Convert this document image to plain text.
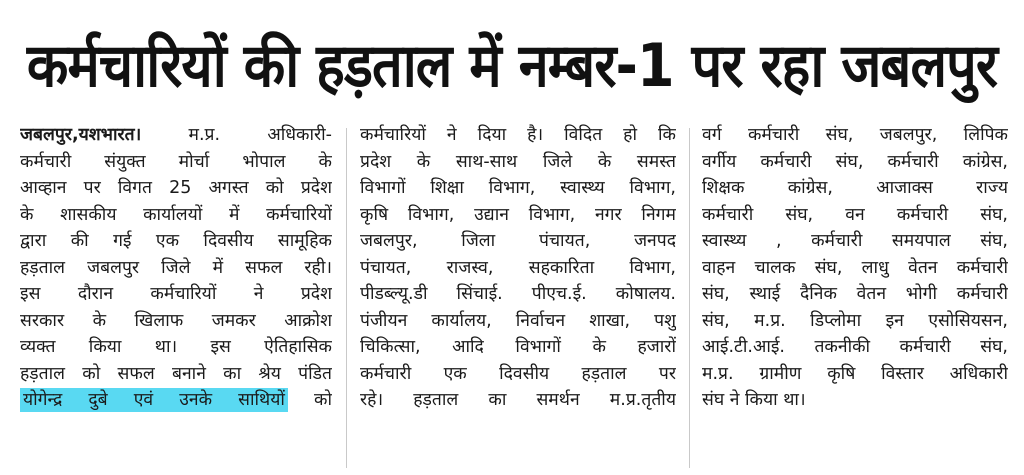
कर्मचारियों की हड़ताल में नम्बर-1 पर रहा जबलपुर
जबलपुर,यशभारत।	म.प्र. अधिकारी-
कर्मचारी संयुक्त मोर्चा भोपाल के
आव्हान पर विगत 25 अगस्त को प्रदेश
के शासकीय कार्यालयों में कर्मचारियों
द्वारा की गई एक दिवसीय सामूहिक
हड़ताल जबलपुर जिले में सफल रही।
इस दौरान कर्मचारियों ने प्रदेश
सरकार के खिलाफ जमकर आक्रोश
व्यक्त किया था। इस ऐतिहासिक
हड़ताल को सफल बनाने का श्रेय पंडित
योगेन्द्र दुबे एवं उनके साथियों को
कर्मचारियों ने दिया है। विदित हो कि
प्रदेश के साथ-साथ जिले के समस्त
विभागों शिक्षा विभाग, स्वास्थ्य विभाग,
कृषि विभाग, उद्यान विभाग, नगर निगम
जबलपुर, जिला पंचायत, जनपद
पंचायत, राजस्व, सहकारिता विभाग,
पीडब्ल्यू.डी सिंचाई. पीएच.ई. कोषालय.
पंजीयन कार्यालय, निर्वाचन शाखा, पशु
चिकित्सा, आदि विभागों के हजारों
कर्मचारी एक दिवसीय हड़ताल पर
रहे। हड़ताल का समर्थन म.प्र.तृतीय
वर्ग कर्मचारी संघ, जबलपुर, लिपिक
वर्गीय कर्मचारी संघ, कर्मचारी कांग्रेस,
शिक्षक कांग्रेस, आजाक्स राज्य
कर्मचारी संघ, वन कर्मचारी संघ,
स्वास्थ्य , कर्मचारी समयपाल संघ,
वाहन चालक संघ, लाधु वेतन कर्मचारी
संघ, स्थाई दैनिक वेतन भोगी कर्मचारी
संघ, म.प्र. डिप्लोमा इन एसोसियसन,
आई.टी.आई. तकनीकी कर्मचारी संघ,
म.प्र. ग्रामीण कृषि विस्तार अधिकारी
संघ ने किया था।
